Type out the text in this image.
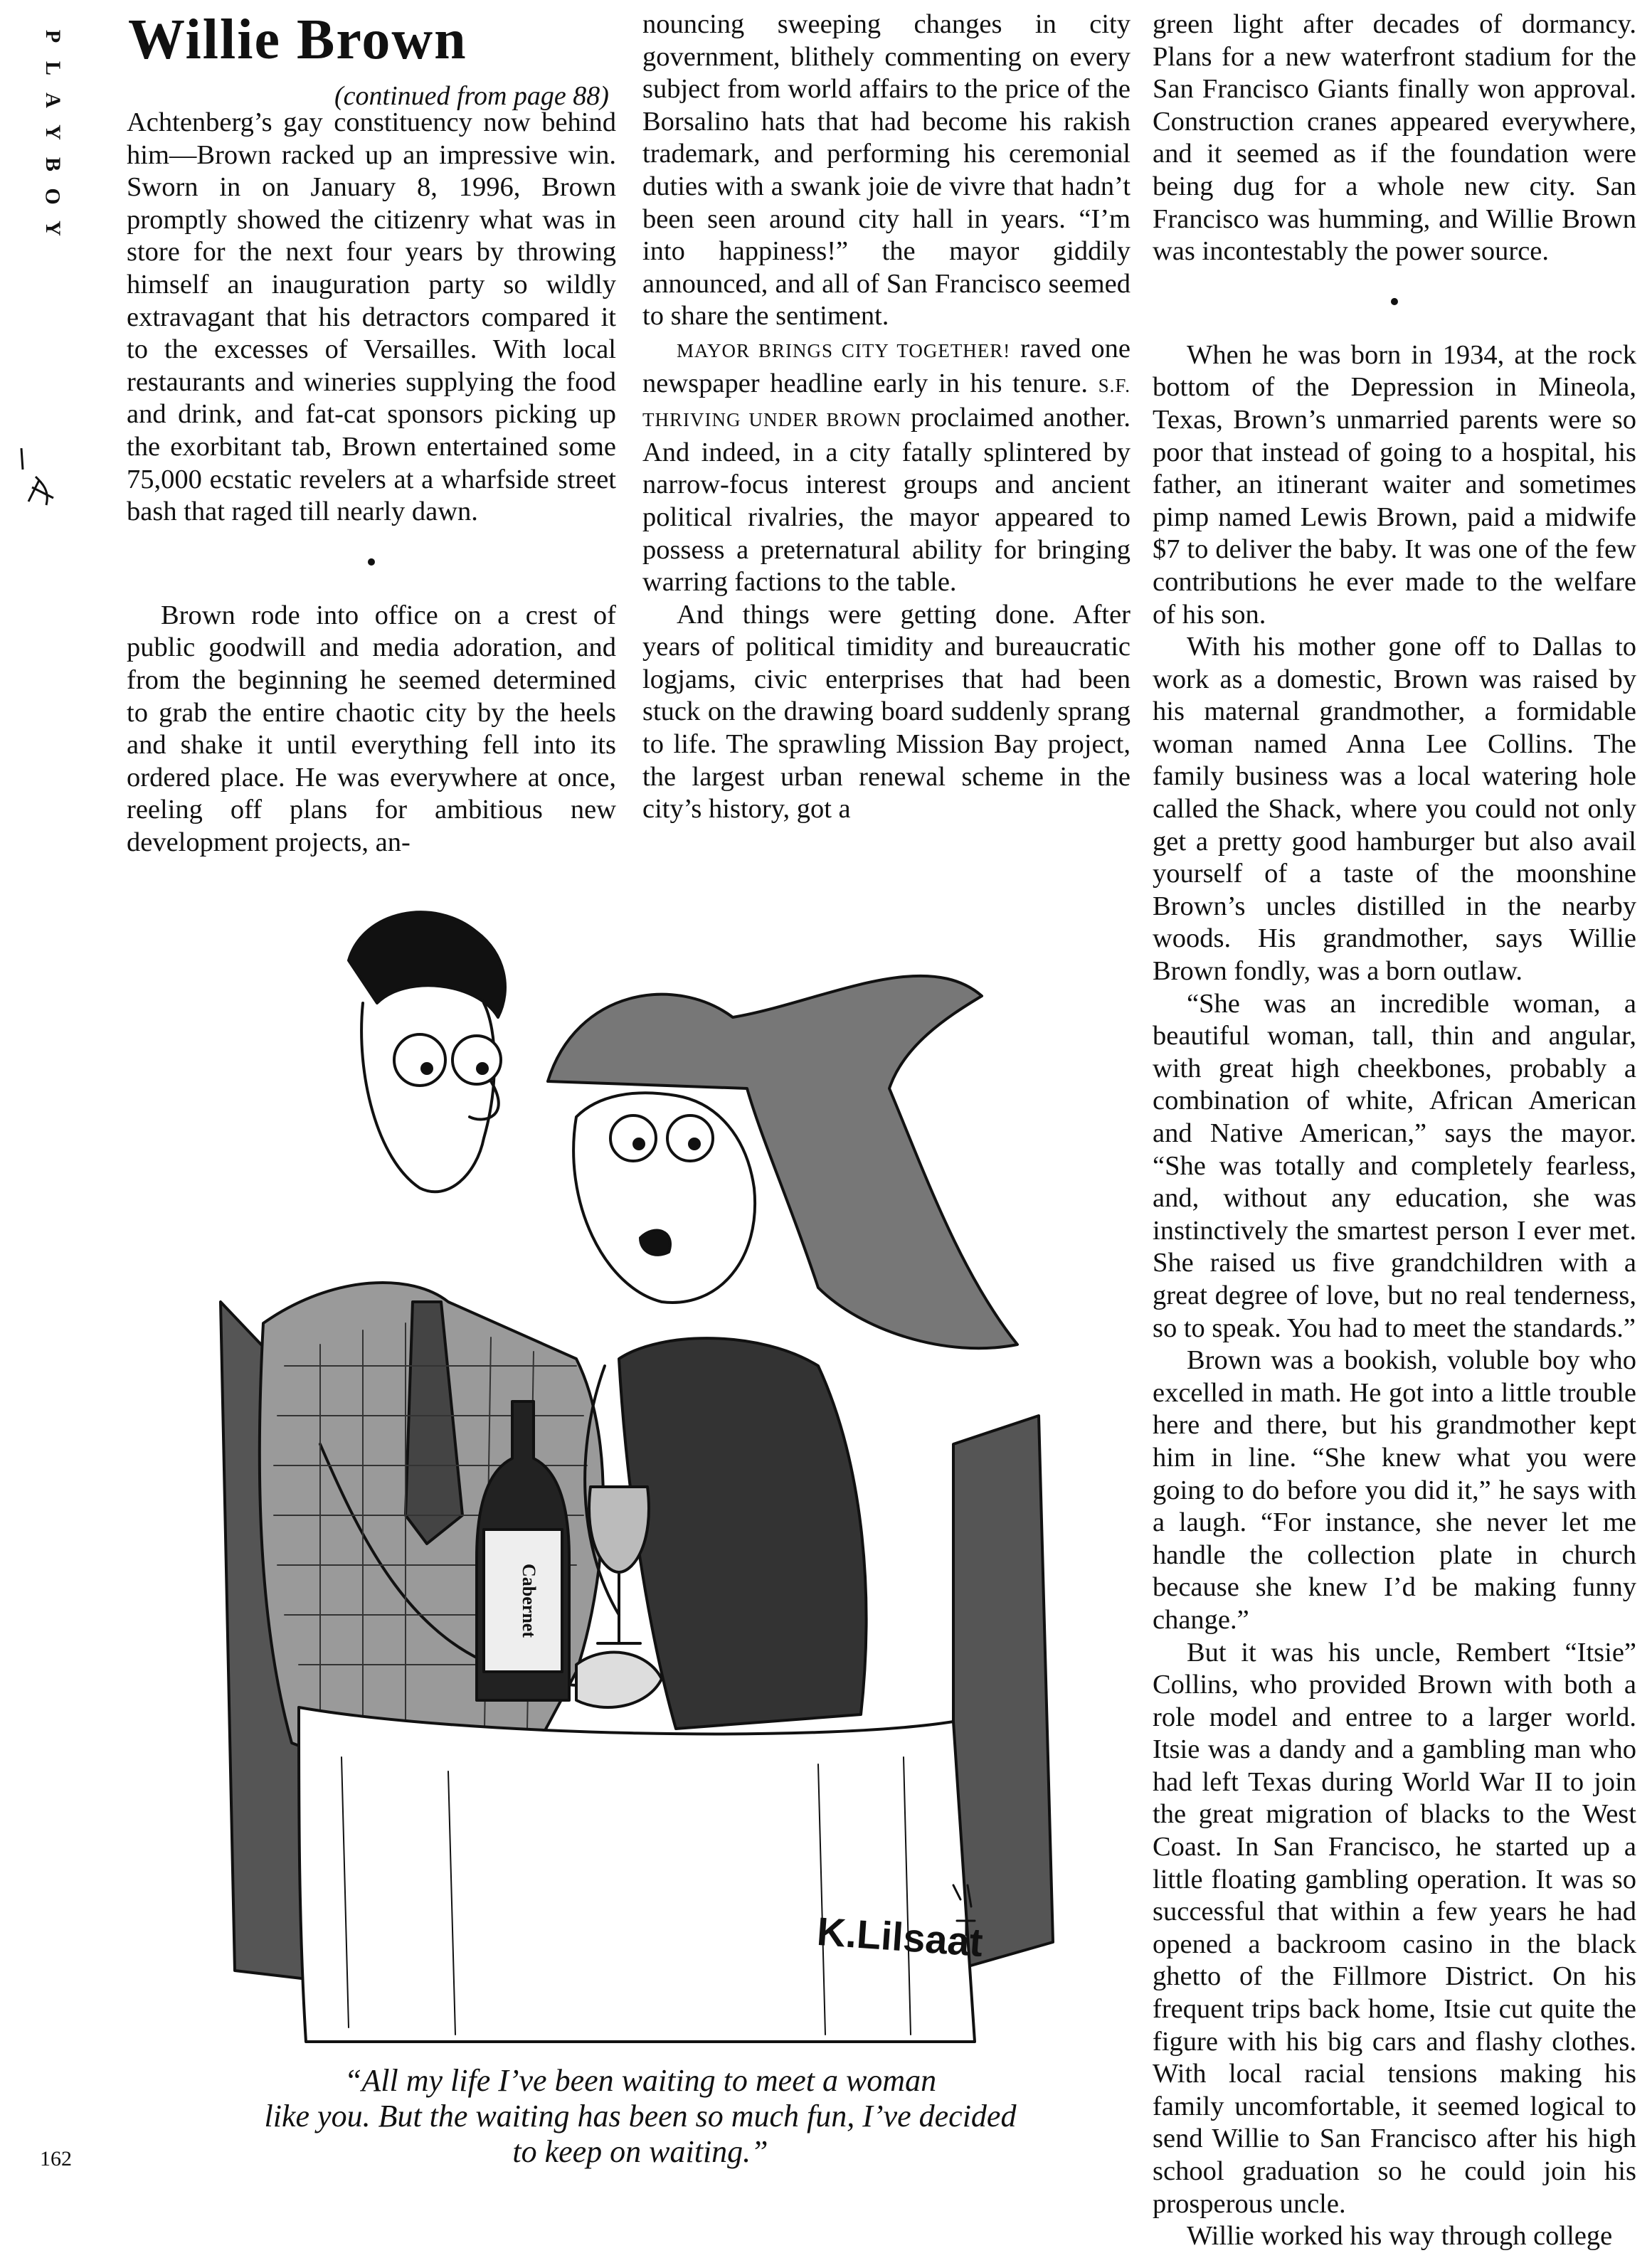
P
L
A
Y
B
O
Y
Willie Brown
(continued from page 88)

Achtenberg’s gay constituency now behind him—Brown racked up an impressive win. Sworn in on January 8, 1996, Brown promptly showed the citizenry what was in store for the next four years by throwing himself an inauguration party so wildly extravagant that his detractors compared it to the excesses of Versailles. With local restaurants and wineries supplying the food and drink, and fat-cat sponsors picking up the exorbitant tab, Brown entertained some 75,000 ecstatic revelers at a wharfside street bash that raged till nearly dawn.

•

Brown rode into office on a crest of public goodwill and media adoration, and from the beginning he seemed determined to grab the entire chaotic city by the heels and shake it until everything fell into its ordered place. He was everywhere at once, reeling off plans for ambitious new development projects, an-

nouncing sweeping changes in city government, blithely commenting on every subject from world affairs to the price of the Borsalino hats that had become his rakish trademark, and performing his ceremonial duties with a swank joie de vivre that hadn’t been seen around city hall in years. “I’m into happiness!” the mayor giddily announced, and all of San Francisco seemed to share the sentiment.

MAYOR BRINGS CITY TOGETHER! raved one newspaper headline early in his tenure. S.F. THRIVING UNDER BROWN proclaimed another. And indeed, in a city fatally splintered by narrow-focus interest groups and ancient political rivalries, the mayor appeared to possess a preternatural ability for bringing warring factions to the table.

And things were getting done. After years of political timidity and bureaucratic logjams, civic enterprises that had been stuck on the drawing board suddenly sprang to life. The sprawling Mission Bay project, the largest urban renewal scheme in the city’s history, got a

green light after decades of dormancy. Plans for a new waterfront stadium for the San Francisco Giants finally won approval. Construction cranes appeared everywhere, and it seemed as if the foundation were being dug for a whole new city. San Francisco was humming, and Willie Brown was incontestably the power source.

•

When he was born in 1934, at the rock bottom of the Depression in Mineola, Texas, Brown’s unmarried parents were so poor that instead of going to a hospital, his father, an itinerant waiter and sometimes pimp named Lewis Brown, paid a midwife $7 to deliver the baby. It was one of the few contributions he ever made to the welfare of his son.

With his mother gone off to Dallas to work as a domestic, Brown was raised by his maternal grandmother, a formidable woman named Anna Lee Collins. The family business was a local watering hole called the Shack, where you could not only get a pretty good hamburger but also avail yourself of a taste of the moonshine Brown’s uncles distilled in the nearby woods. His grandmother, says Willie Brown fondly, was a born outlaw.

“She was an incredible woman, a beautiful woman, tall, thin and angular, with great high cheekbones, probably a combination of white, African American and Native American,” says the mayor. “She was totally and completely fearless, and, without any education, she was instinctively the smartest person I ever met. She raised us five grandchildren with a great degree of love, but no real tenderness, so to speak. You had to meet the standards.”

Brown was a bookish, voluble boy who excelled in math. He got into a little trouble here and there, but his grandmother kept him in line. “She knew what you were going to do before you did it,” he says with a laugh. “For instance, she never let me handle the collection plate in church because she knew I’d be making funny change.”

But it was his uncle, Rembert “Itsie” Collins, who provided Brown with both a role model and entree to a larger world. Itsie was a dandy and a gambling man who had left Texas during World War II to join the great migration of blacks to the West Coast. In San Francisco, he started up a little floating gambling operation. It was so successful that within a few years he had opened a backroom casino in the black ghetto of the Fillmore District. On his frequent trips back home, Itsie cut quite the figure with his big cars and flashy clothes. With local racial tensions making his family uncomfortable, it seemed logical to send Willie to San Francisco after his high school graduation so he could join his prosperous uncle.

Willie worked his way through college

Cabernet
K.Lilsaat
“All my life I’ve been waiting to meet a woman
like you. But the waiting has been so much fun, I’ve decided
to keep on waiting.”
162
